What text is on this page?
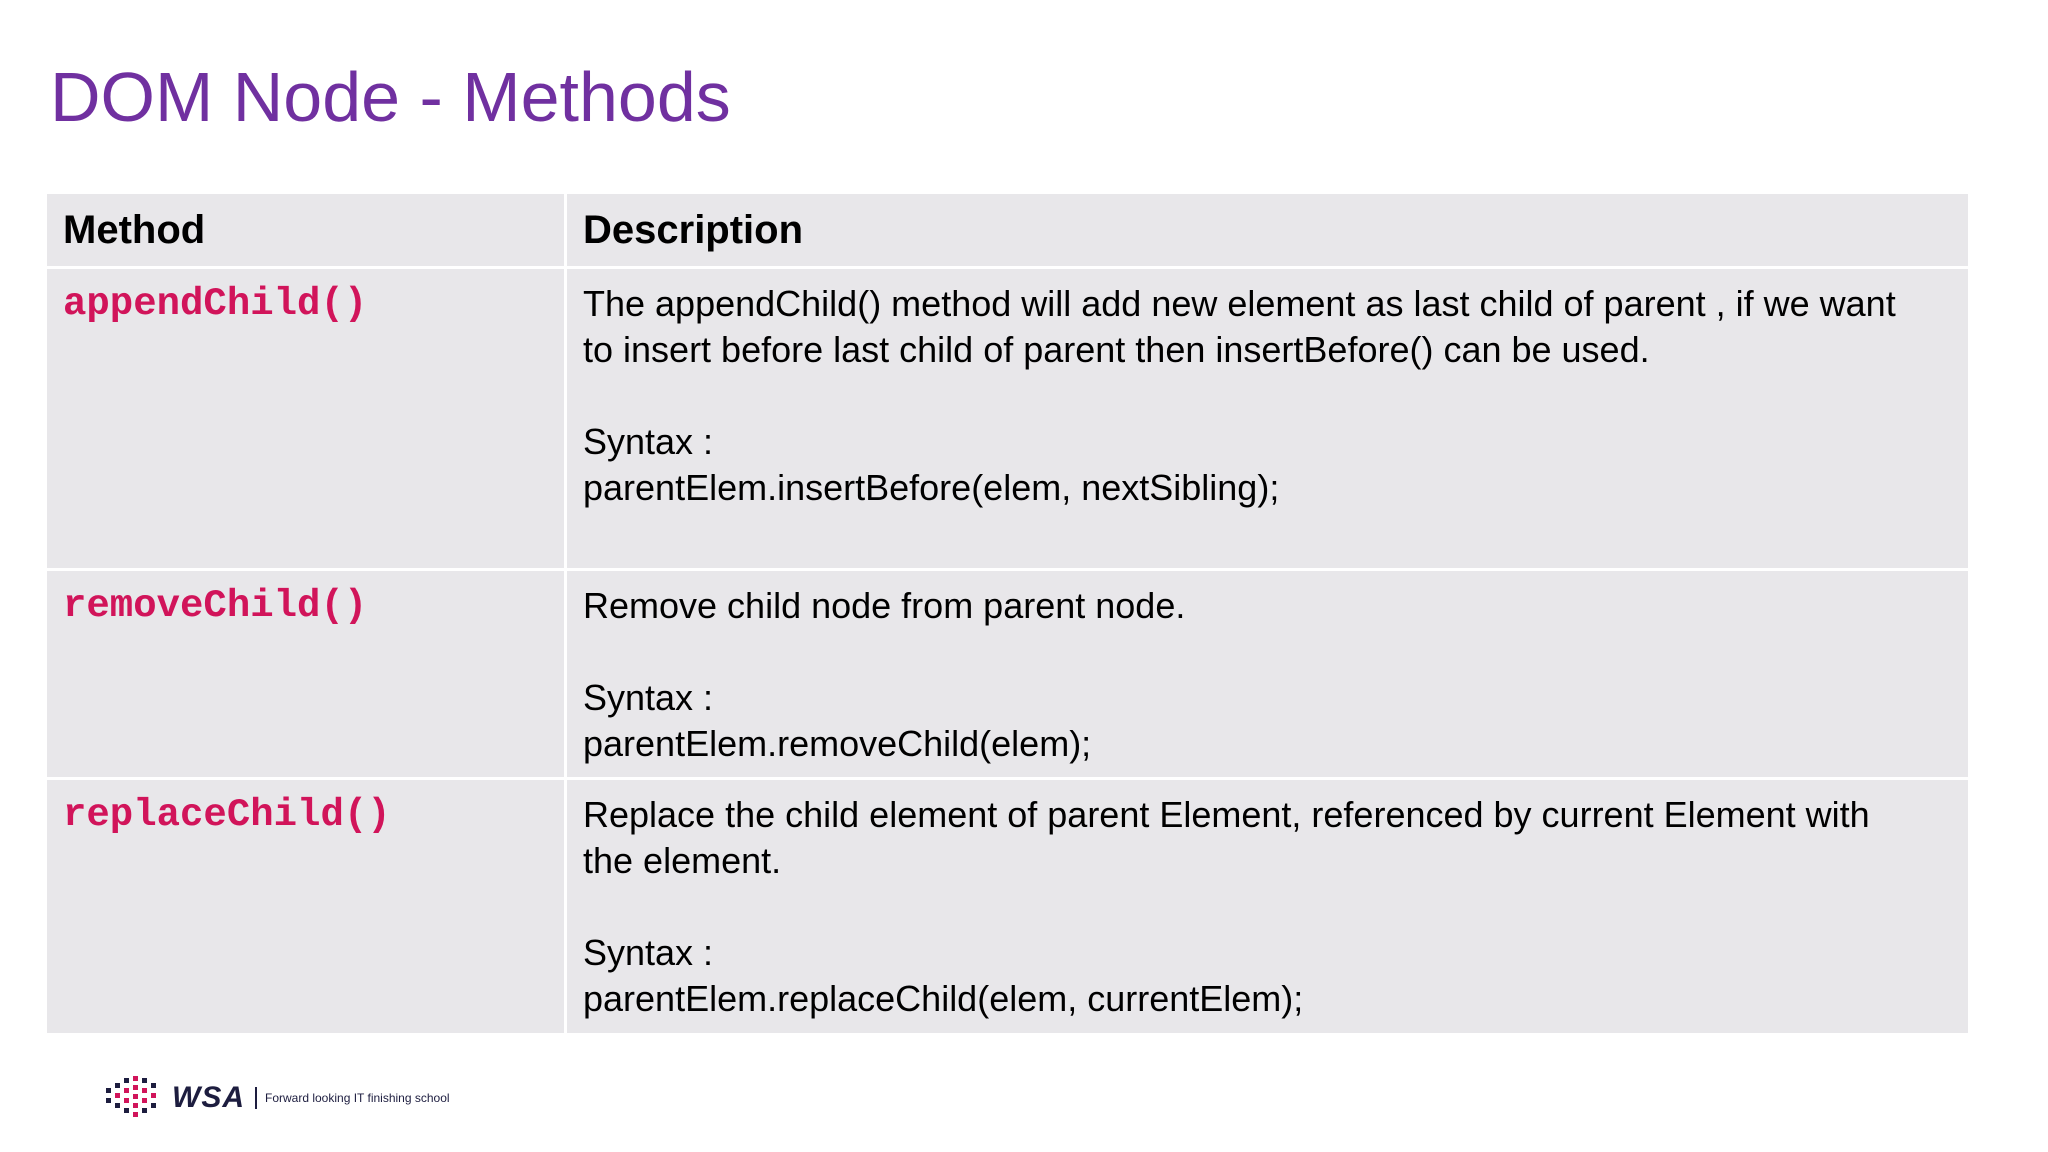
DOM Node - Methods
Method	Description

appendChild()	The appendChild() method will add new element as last child of parent , if we want to insert before last child of parent then insertBefore() can be used.

Syntax :

parentElem.insertBefore(elem, nextSibling);

removeChild()	Remove child node from parent node.

Syntax :

parentElem.removeChild(elem);

replaceChild()	Replace the child element of parent Element, referenced by current Element with the element.

Syntax :

parentElem.replaceChild(elem, currentElem);

WSA Forward looking IT finishing school
